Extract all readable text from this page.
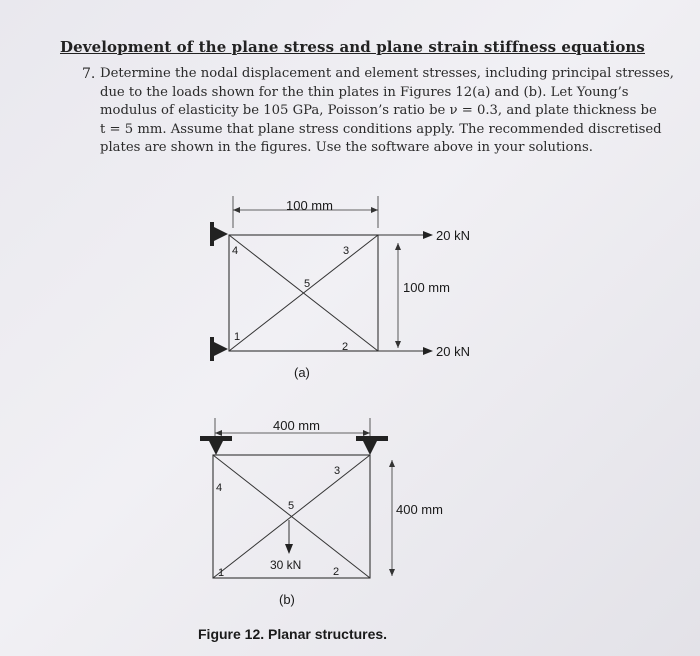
Development of the plane stress and plane strain stiffness equations
7. Determine the nodal displacement and element stresses, including principal stresses,
due to the loads shown for the thin plates in Figures 12(a) and (b). Let Young’s
modulus of elasticity be 105 GPa, Poisson’s ratio be ν = 0.3, and plate thickness be
t = 5 mm. Assume that plane stress conditions apply. The recommended discretised
plates are shown in the figures. Use the software above in your solutions.
100 mm
20 kN
20 kN
100 mm
1
2
3
4
5
(a)
400 mm
400 mm
30 kN
1	2
3
4
5
(b)
Figure 12. Planar structures.
